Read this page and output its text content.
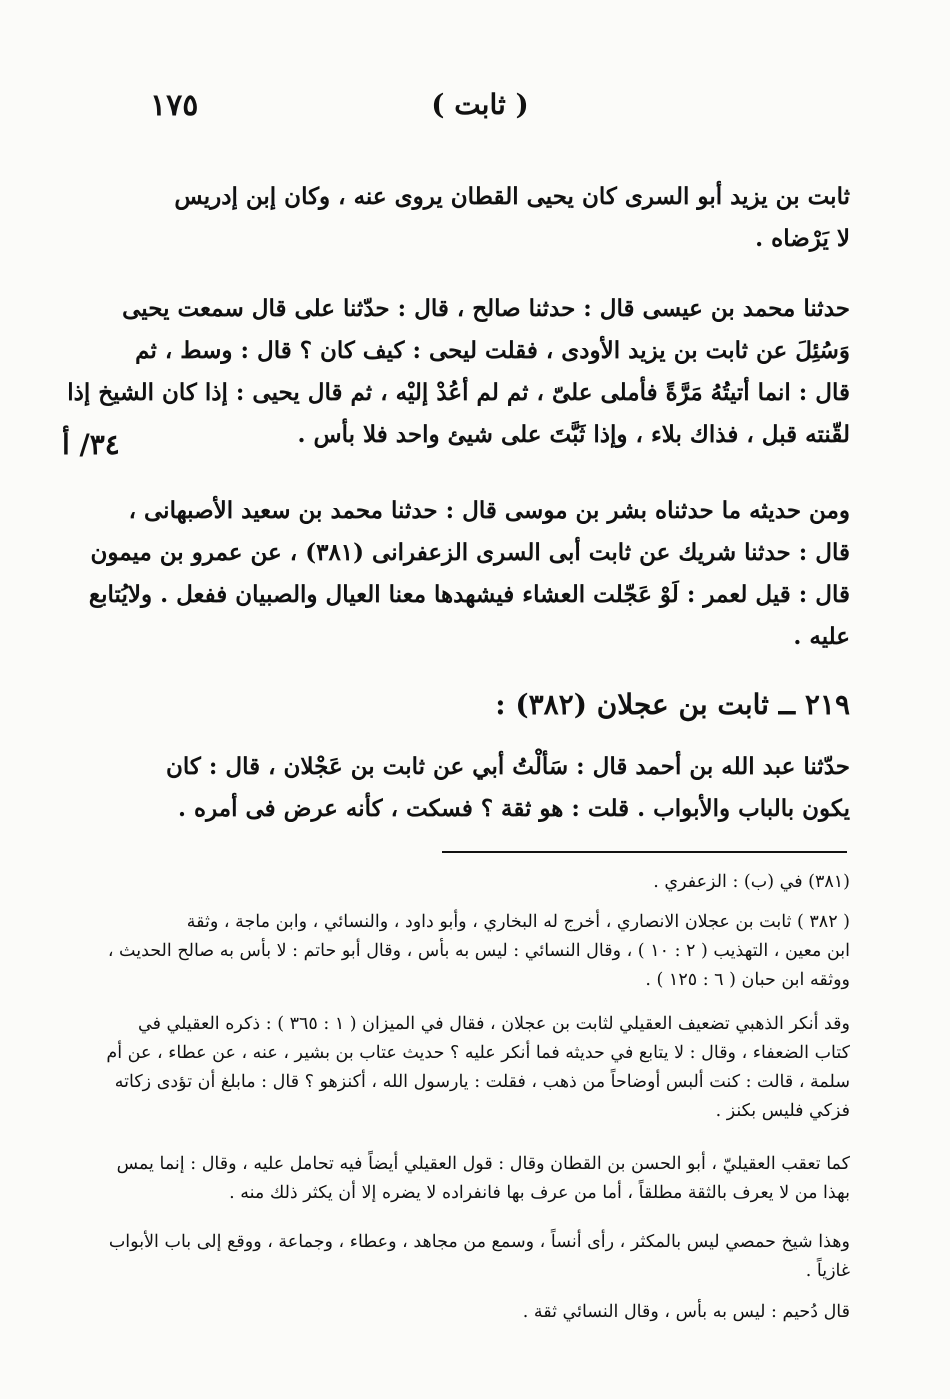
١٧٥	( ثابت )
٣٤/ أ
ثابت بن يزيد أبو السرى كان يحيى القطان يروى عنه ، وكان إبن إدريس
لا يَرْضاه .
حدثنا محمد بن عيسى قال : حدثنا صالح ، قال : حدّثنا على قال سمعت يحيى
وَسُئِلَ عن ثابت بن يزيد الأودى ، فقلت ليحى : كيف كان ؟ قال : وسط ، ثم
قال : انما أتيتُهُ مَرَّةً فأملى علىّ ، ثم لم أعُدْ إليْه ، ثم قال يحيى : إذا كان الشيخ إذا
لقّنته قبل ، فذاك بلاء ، وإذا ثَبَّتَ على شيئ واحد فلا بأس .
ومن حديثه ما حدثناه بشر بن موسى قال : حدثنا محمد بن سعيد الأصبهانى ،
قال : حدثنا شريك عن ثابت أبى السرى الزعفرانى (٣٨١) ، عن عمرو بن ميمون
قال : قيل لعمر : لَوْ عَجّلت العشاء فيشهدها معنا العيال والصبيان ففعل . ولايُتابع
عليه .
٢١٩ ــ ثابت بن عجلان (٣٨٢) :
حدّثنا عبد الله بن أحمد قال : سَألْتُ أبي عن ثابت بن عَجْلان ، قال : كان
يكون بالباب والأبواب . قلت : هو ثقة ؟ فسكت ، كأنه عرض فى أمره .
(٣٨١) في (ب) : الزعفري .
( ٣٨٢ ) ثابت بن عجلان الانصاري ، أخرج له البخاري ، وأبو داود ، والنسائي ، وابن ماجة ، وثقة
ابن معين ، التهذيب ( ٢ : ١٠ ) ، وقال النسائي : ليس به بأس ، وقال أبو حاتم : لا بأس به صالح الحديث ،
ووثقه ابن حبان ( ٦ : ١٢٥ ) .
وقد أنكر الذهبي تضعيف العقيلي لثابت بن عجلان ، فقال في الميزان ( ١ : ٣٦٥ ) : ذكره العقيلي في
كتاب الضعفاء ، وقال : لا يتابع في حديثه فما أنكر عليه ؟ حديث عتاب بن بشير ، عنه ، عن عطاء ، عن أم
سلمة ، قالت : كنت ألبس أوضاحاً من ذهب ، فقلت : يارسول الله ، أكنزهو ؟ قال : مابلغ أن تؤدى زكاته
فزكي فليس بكنز .
كما تعقب العقيليّ ، أبو الحسن بن القطان وقال : قول العقيلي أيضاً فيه تحامل عليه ، وقال : إنما يمس
بهذا من لا يعرف بالثقة مطلقاً ، أما من عرف بها فانفراده لا يضره إلا أن يكثر ذلك منه .
وهذا شيخ حمصي ليس بالمكثر ، رأى أنساً ، وسمع من مجاهد ، وعطاء ، وجماعة ، ووقع إلى باب الأبواب
غازياً .
قال دُحيم : ليس به بأس ، وقال النسائي ثقة .
